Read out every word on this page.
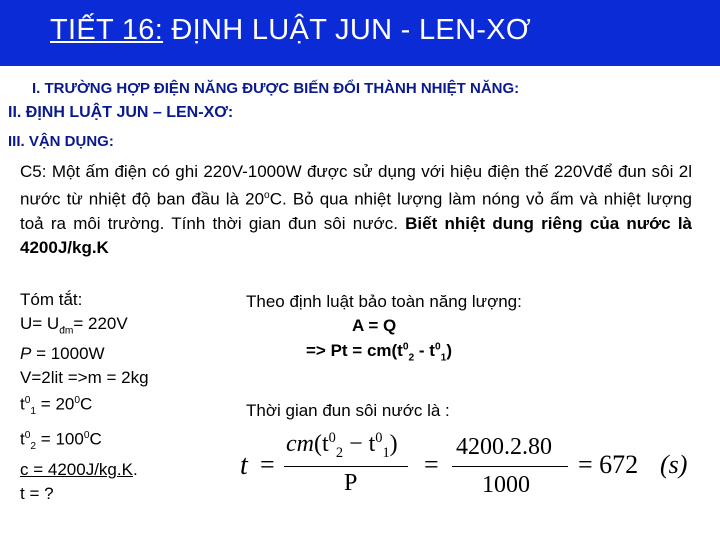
TIẾT 16: ĐỊNH LUẬT JUN - LEN-XƠ
I. TRƯỜNG HỢP ĐIỆN NĂNG ĐƯỢC BIẾN ĐỔI THÀNH NHIỆT NĂNG:
II. ĐỊNH LUẬT JUN – LEN-XƠ:
III. VẬN DỤNG:
C5: Một ấm điện có ghi 220V-1000W được sử dụng với hiệu điện thế 220Vđể đun sôi 2l nước từ nhiệt độ ban đầu là 20$^o$C. Bỏ qua nhiệt lượng làm nóng vỏ ấm và nhiệt lượng toả ra môi trường. Tính thời gian đun sôi nước. Biết nhiệt dung riêng của nước là 4200J/kg.K
Tóm tắt:
$U= U_{đm}= 220V$
P = 1000W
V=2lit =>m = 2kg
$t^0_1 = 20^0C$
$t^0_2 = 100^0C$
c = 4200J/kg.K.
t = ?
Theo định luật bảo toàn năng lượng:
A = Q
=> $Pt = cm(t^0_2 - t^0_1)$
Thời gian đun sôi nước là :
t =
$cm(t^0_2 - t^0_1)$
P
=
4200.2.80
1000
= 672 (s)
